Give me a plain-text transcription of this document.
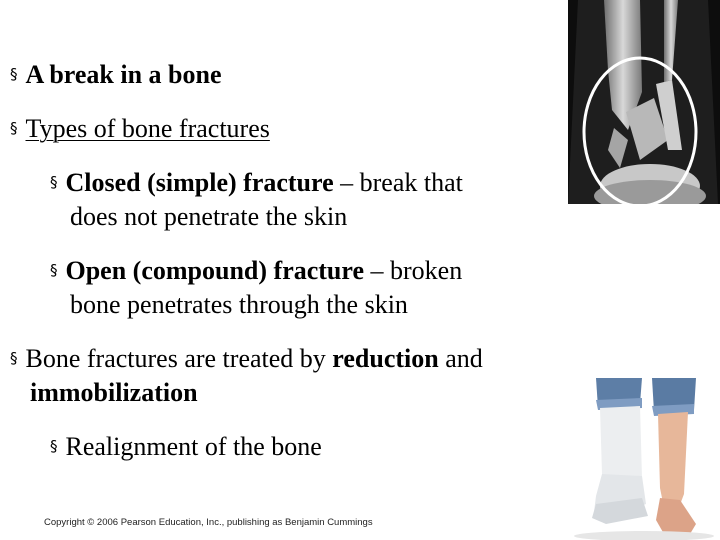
§ A break in a bone
§ Types of bone fractures
§ Closed (simple) fracture – break that
does not penetrate the skin
§ Open (compound) fracture – broken
bone penetrates through the skin
§ Bone fractures are treated by reduction and
immobilization
§ Realignment of the bone
Copyright © 2006 Pearson Education, Inc., publishing as Benjamin Cummings
